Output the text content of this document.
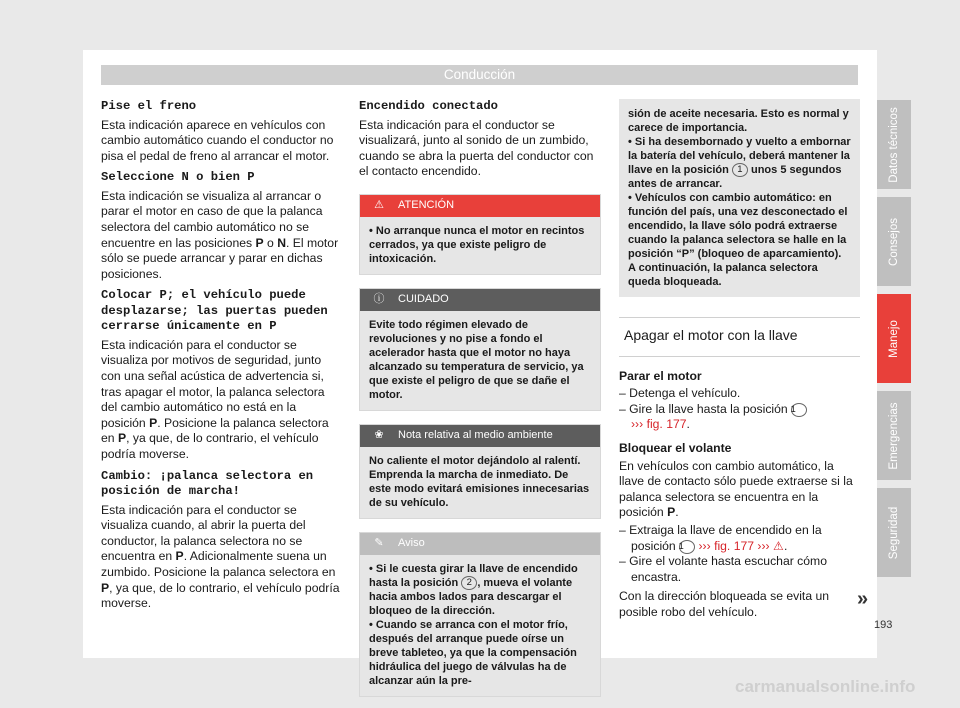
Conducción
Pise el freno

Esta indicación aparece en vehículos con cambio automático cuando el conductor no pisa el pedal de freno al arrancar el motor.

Seleccione N o bien P

Esta indicación se visualiza al arrancar o parar el motor en caso de que la palanca selectora del cambio automático no se encuentre en las posiciones P o N. El motor sólo se puede arrancar y parar en dichas posiciones.

Colocar P; el vehículo puede desplazarse; las puertas pueden cerrarse únicamente en P

Esta indicación para el conductor se visualiza por motivos de seguridad, junto con una señal acústica de advertencia si, tras apagar el motor, la palanca selectora del cambio automático no está en la posición P. Posicione la palanca selectora en P, ya que, de lo contrario, el vehículo podría moverse.

Cambio: ¡palanca selectora en posición de marcha!

Esta indicación para el conductor se visualiza cuando, al abrir la puerta del conductor, la palanca selectora no se encuentra en P. Adicionalmente suena un zumbido. Posicione la palanca selectora en P, ya que, de lo contrario, el vehículo podría moverse.

Encendido conectado

Esta indicación para el conductor se visualizará, junto al sonido de un zumbido, cuando se abra la puerta del conductor con el contacto encendido.

⚠	ATENCIÓN
• No arranque nunca el motor en recintos cerrados, ya que existe peligro de intoxicación.
ⓘ	CUIDADO
Evite todo régimen elevado de revoluciones y no pise a fondo el acelerador hasta que el motor no haya alcanzado su temperatura de servicio, ya que existe el peligro de que se dañe el motor.
❀	Nota relativa al medio ambiente
No caliente el motor dejándolo al ralentí. Emprenda la marcha de inmediato. De este modo evitará emisiones innecesarias de su vehículo.
✎	Aviso
• Si le cuesta girar la llave de encendido hasta la posición 2 , mueva el volante hacia ambos lados para descargar el bloqueo de la dirección.
• Cuando se arranca con el motor frío, después del arranque puede oírse un breve tableteo, ya que la compensación hidráulica del juego de válvulas ha de alcanzar aún la pre-
sión de aceite necesaria. Esto es normal y carece de importancia.
• Si ha desembornado y vuelto a embornar la batería del vehículo, deberá mantener la llave en la posición 1 unos 5 segundos antes de arrancar.
• Vehículos con cambio automático: en función del país, una vez desconectado el encendido, la llave sólo podrá extraerse cuando la palanca selectora se halle en la posición “P” (bloqueo de aparcamiento). A continuación, la palanca selectora queda bloqueada.
Apagar el motor con la llave

Parar el motor

– Detenga el vehículo.
– Gire la llave hasta la posición 1
››› fig. 177.

Bloquear el volante

En vehículos con cambio automático, la llave de contacto sólo puede extraerse si la palanca selectora se encuentra en la posición P.

– Extraiga la llave de encendido en la posición 1 ››› fig. 177 ››› ⚠.
– Gire el volante hasta escuchar cómo encastra.

Con la dirección bloqueada se evita un posible robo del vehículo.

Datos técnicos
Consejos
Manejo
Emergencias
Seguridad
»
193
carmanualsonline.info
